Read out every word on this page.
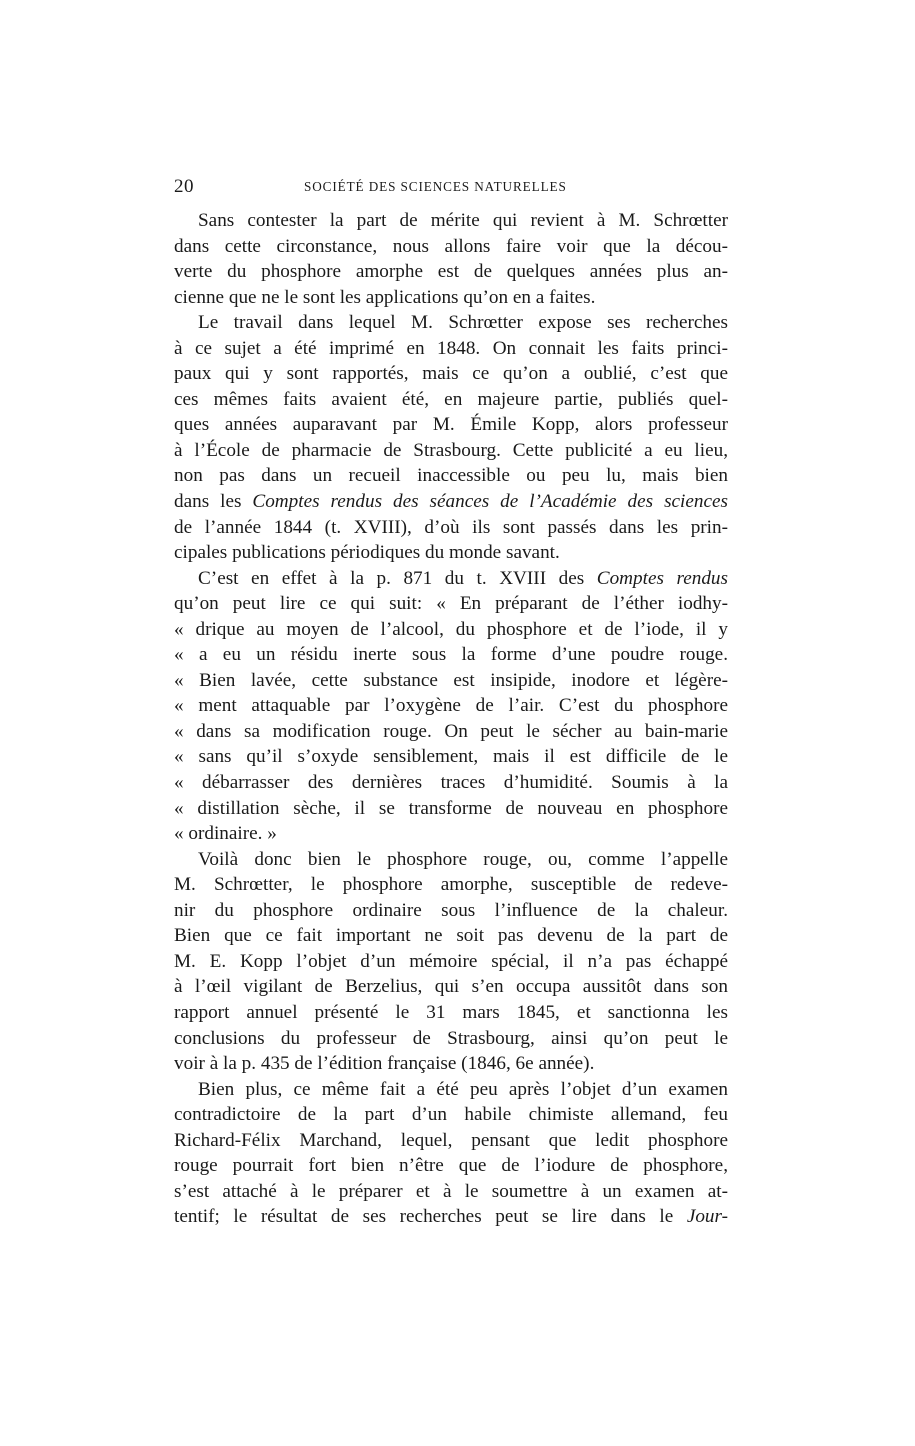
20	SOCIÉTÉ DES SCIENCES NATURELLES
Sans contester la part de mérite qui revient à M. Schrœtter
dans cette circonstance, nous allons faire voir que la décou-
verte du phosphore amorphe est de quelques années plus an-
cienne que ne le sont les applications qu’on en a faites.
Le travail dans lequel M. Schrœtter expose ses recherches
à ce sujet a été imprimé en 1848. On connait les faits princi-
paux qui y sont rapportés, mais ce qu’on a oublié, c’est que
ces mêmes faits avaient été, en majeure partie, publiés quel-
ques années auparavant par M. Émile Kopp, alors professeur
à l’École de pharmacie de Strasbourg. Cette publicité a eu lieu,
non pas dans un recueil inaccessible ou peu lu, mais bien
dans les Comptes rendus des séances de l’Académie des sciences
de l’année 1844 (t. XVIII), d’où ils sont passés dans les prin-
cipales publications périodiques du monde savant.
C’est en effet à la p. 871 du t. XVIII des Comptes rendus
qu’on peut lire ce qui suit: « En préparant de l’éther iodhy-
« drique au moyen de l’alcool, du phosphore et de l’iode, il y
« a eu un résidu inerte sous la forme d’une poudre rouge.
« Bien lavée, cette substance est insipide, inodore et légère-
« ment attaquable par l’oxygène de l’air. C’est du phosphore
« dans sa modification rouge. On peut le sécher au bain-marie
« sans qu’il s’oxyde sensiblement, mais il est difficile de le
« débarrasser des dernières traces d’humidité. Soumis à la
« distillation sèche, il se transforme de nouveau en phosphore
« ordinaire. »
Voilà donc bien le phosphore rouge, ou, comme l’appelle
M. Schrœtter, le phosphore amorphe, susceptible de redeve-
nir du phosphore ordinaire sous l’influence de la chaleur.
Bien que ce fait important ne soit pas devenu de la part de
M. E. Kopp l’objet d’un mémoire spécial, il n’a pas échappé
à l’œil vigilant de Berzelius, qui s’en occupa aussitôt dans son
rapport annuel présenté le 31 mars 1845, et sanctionna les
conclusions du professeur de Strasbourg, ainsi qu’on peut le
voir à la p. 435 de l’édition française (1846, 6e année).
Bien plus, ce même fait a été peu après l’objet d’un examen
contradictoire de la part d’un habile chimiste allemand, feu
Richard-Félix Marchand, lequel, pensant que ledit phosphore
rouge pourrait fort bien n’être que de l’iodure de phosphore,
s’est attaché à le préparer et à le soumettre à un examen at-
tentif; le résultat de ses recherches peut se lire dans le Jour-
